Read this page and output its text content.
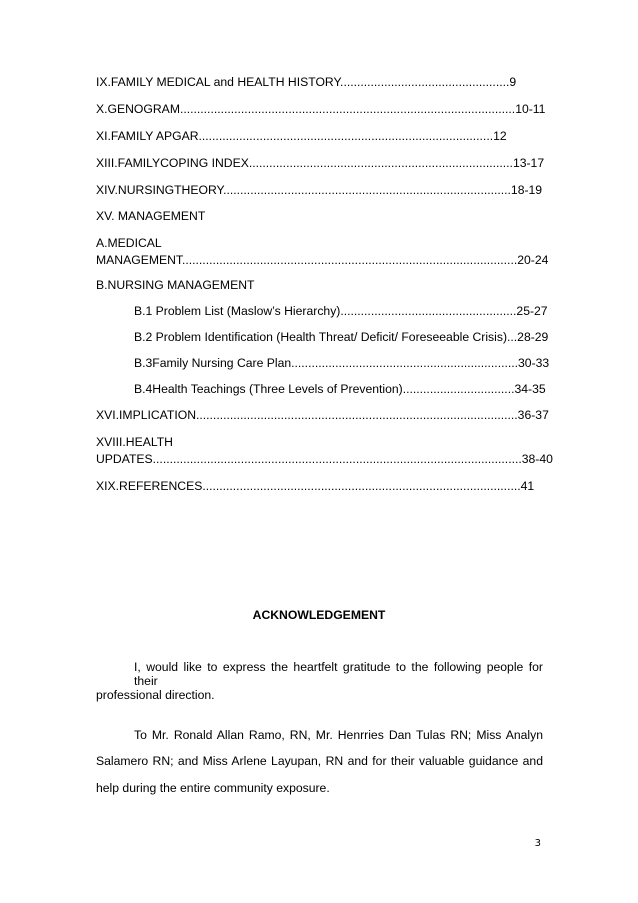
IX.FAMILY MEDICAL and HEALTH HISTORY..................................................9
X.GENOGRAM...................................................................................................10-11
XI.FAMILY APGAR.......................................................................................12
XIII.FAMILYCOPING INDEX..............................................................................13-17
XIV.NURSINGTHEORY.....................................................................................18-19
XV. MANAGEMENT
A.MEDICAL
MANAGEMENT...................................................................................................20-24
B.NURSING MANAGEMENT
B.1 Problem List (Maslow’s Hierarchy)....................................................25-27
B.2 Problem Identification (Health Threat/ Deficit/ Foreseeable Crisis)...28-29
B.3Family Nursing Care Plan...................................................................30-33
B.4Health Teachings (Three Levels of Prevention).................................34-35
XVI.IMPLICATION...............................................................................................36-37
XVIII.HEALTH
UPDATES.............................................................................................................38-40
XIX.REFERENCES..............................................................................................41
ACKNOWLEDGEMENT
I, would like to express the heartfelt gratitude to the following people for their
professional direction.
To Mr. Ronald Allan Ramo, RN, Mr. Henrries Dan Tulas RN; Miss Analyn
Salamero RN; and Miss Arlene Layupan, RN and for their valuable guidance and
help during the entire community exposure.
3
